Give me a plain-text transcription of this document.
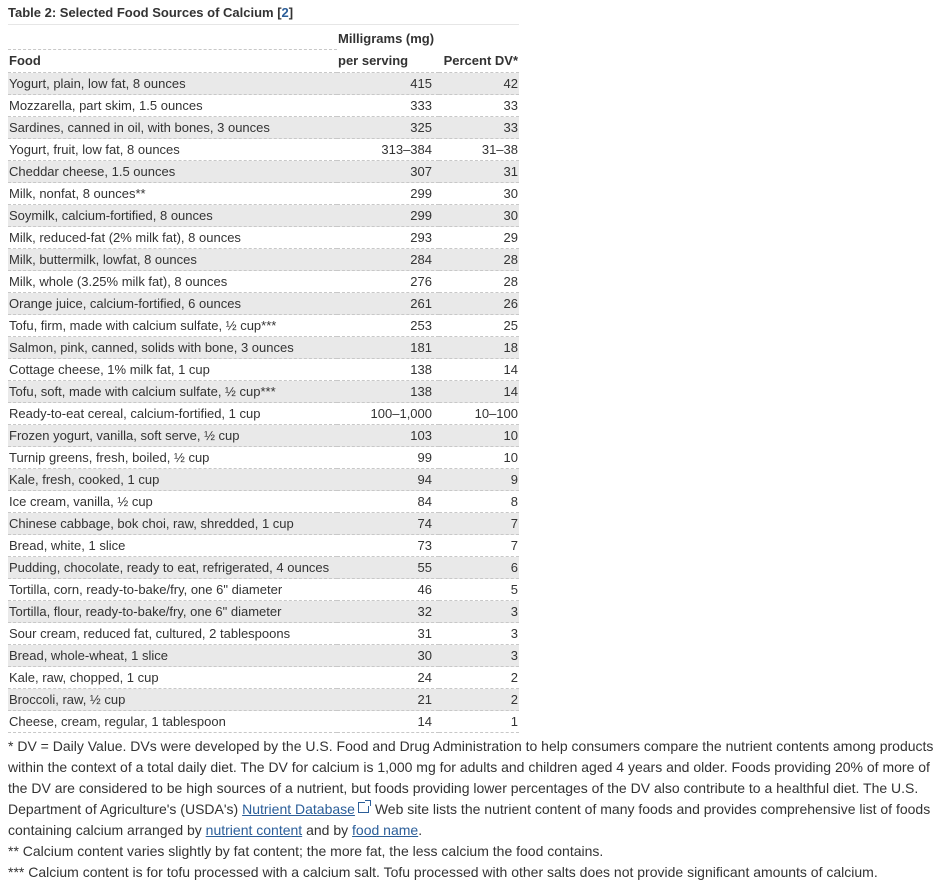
Table 2: Selected Food Sources of Calcium [2]
	Milligrams (mg)	
Food	per serving	Percent DV*
Yogurt, plain, low fat, 8 ounces	415	42
Mozzarella, part skim, 1.5 ounces	333	33
Sardines, canned in oil, with bones, 3 ounces	325	33
Yogurt, fruit, low fat, 8 ounces	313–384	31–38
Cheddar cheese, 1.5 ounces	307	31
Milk, nonfat, 8 ounces**	299	30
Soymilk, calcium-fortified, 8 ounces	299	30
Milk, reduced-fat (2% milk fat), 8 ounces	293	29
Milk, buttermilk, lowfat, 8 ounces	284	28
Milk, whole (3.25% milk fat), 8 ounces	276	28
Orange juice, calcium-fortified, 6 ounces	261	26
Tofu, firm, made with calcium sulfate, ½ cup***	253	25
Salmon, pink, canned, solids with bone, 3 ounces	181	18
Cottage cheese, 1% milk fat, 1 cup	138	14
Tofu, soft, made with calcium sulfate, ½ cup***	138	14
Ready-to-eat cereal, calcium-fortified, 1 cup	100–1,000	10–100
Frozen yogurt, vanilla, soft serve, ½ cup	103	10
Turnip greens, fresh, boiled, ½ cup	99	10
Kale, fresh, cooked, 1 cup	94	9
Ice cream, vanilla, ½ cup	84	8
Chinese cabbage, bok choi, raw, shredded, 1 cup	74	7
Bread, white, 1 slice	73	7
Pudding, chocolate, ready to eat, refrigerated, 4 ounces	55	6
Tortilla, corn, ready-to-bake/fry, one 6" diameter	46	5
Tortilla, flour, ready-to-bake/fry, one 6" diameter	32	3
Sour cream, reduced fat, cultured, 2 tablespoons	31	3
Bread, whole-wheat, 1 slice	30	3
Kale, raw, chopped, 1 cup	24	2
Broccoli, raw, ½ cup	21	2
Cheese, cream, regular, 1 tablespoon	14	1

* DV = Daily Value. DVs were developed by the U.S. Food and Drug Administration to help consumers compare the nutrient contents among products within the context of a total daily diet. The DV for calcium is 1,000 mg for adults and children aged 4 years and older. Foods providing 20% of more of the DV are considered to be high sources of a nutrient, but foods providing lower percentages of the DV also contribute to a healthful diet. The U.S. Department of Agriculture's (USDA's) Nutrient Database Web site lists the nutrient content of many foods and provides comprehensive list of foods containing calcium arranged by nutrient content and by food name.

** Calcium content varies slightly by fat content; the more fat, the less calcium the food contains.

*** Calcium content is for tofu processed with a calcium salt. Tofu processed with other salts does not provide significant amounts of calcium.
